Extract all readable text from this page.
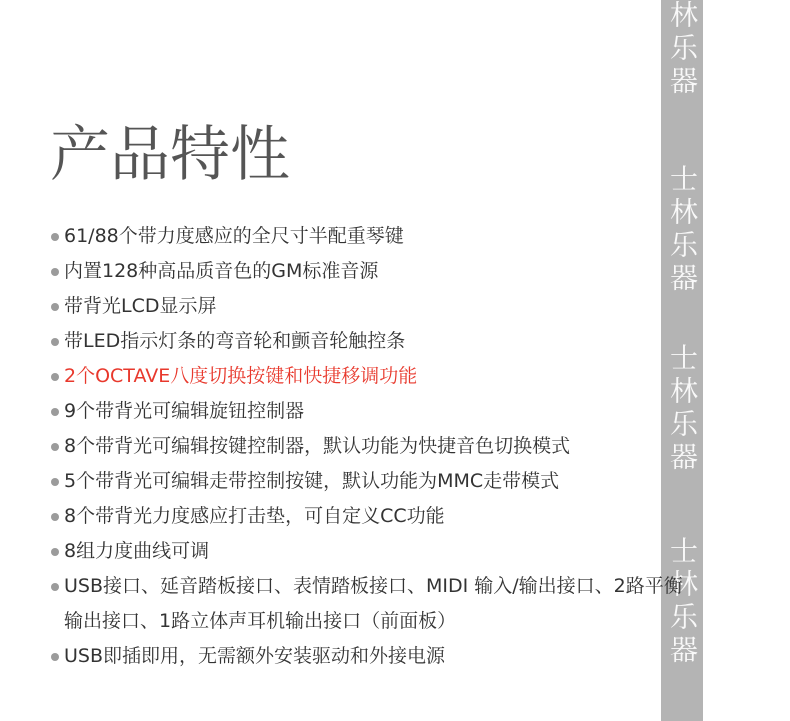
林乐器
士林乐器
士林乐器
士林乐器
产品特性
61/88个带力度感应的全尺寸半配重琴键
内置128种高品质音色的GM标准音源
带背光LCD显示屏
带LED指示灯条的弯音轮和颤音轮触控条
2个OCTAVE八度切换按键和快捷移调功能
9个带背光可编辑旋钮控制器
8个带背光可编辑按键控制器，默认功能为快捷音色切换模式
5个带背光可编辑走带控制按键，默认功能为MMC走带模式
8个带背光力度感应打击垫，可自定义CC功能
8组力度曲线可调
USB接口、延音踏板接口、表情踏板接口、MIDI 输入/输出接口、2路平衡
输出接口、1路立体声耳机输出接口（前面板）
USB即插即用，无需额外安装驱动和外接电源
